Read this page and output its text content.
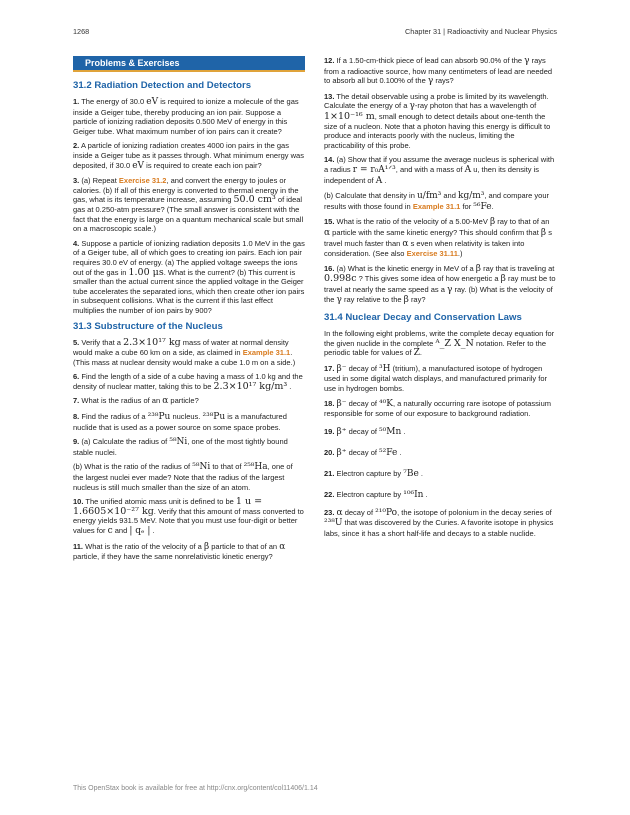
1268	Chapter 31 | Radioactivity and Nuclear Physics
Problems & Exercises
31.2 Radiation Detection and Detectors

1. The energy of 30.0 eV is required to ionize a molecule of the gas inside a Geiger tube, thereby producing an ion pair. Suppose a particle of ionizing radiation deposits 0.500 MeV of energy in this Geiger tube. What maximum number of ion pairs can it create?

2. A particle of ionizing radiation creates 4000 ion pairs in the gas inside a Geiger tube as it passes through. What minimum energy was deposited, if 30.0 eV is required to create each ion pair?

3. (a) Repeat Exercise 31.2, and convert the energy to joules or calories. (b) If all of this energy is converted to thermal energy in the gas, what is its temperature increase, assuming 50.0 cm³ of ideal gas at 0.250-atm pressure? (The small answer is consistent with the fact that the energy is large on a quantum mechanical scale but small on a macroscopic scale.)

4. Suppose a particle of ionizing radiation deposits 1.0 MeV in the gas of a Geiger tube, all of which goes to creating ion pairs. Each ion pair requires 30.0 eV of energy. (a) The applied voltage sweeps the ions out of the gas in 1.00 μs. What is the current? (b) This current is smaller than the actual current since the applied voltage in the Geiger tube accelerates the separated ions, which then create other ion pairs in subsequent collisions. What is the current if this last effect multiplies the number of ion pairs by 900?

31.3 Substructure of the Nucleus

5. Verify that a 2.3×10¹⁷ kg mass of water at normal density would make a cube 60 km on a side, as claimed in Example 31.1. (This mass at nuclear density would make a cube 1.0 m on a side.)

6. Find the length of a side of a cube having a mass of 1.0 kg and the density of nuclear matter, taking this to be 2.3×10¹⁷ kg/m³ .

7. What is the radius of an α particle?

8. Find the radius of a ²³⁸Pu nucleus. ²³⁸Pu is a manufactured nuclide that is used as a power source on some space probes.

9. (a) Calculate the radius of ⁵⁸Ni, one of the most tightly bound stable nuclei.

(b) What is the ratio of the radius of ⁵⁸Ni to that of ²⁵⁸Ha, one of the largest nuclei ever made? Note that the radius of the largest nucleus is still much smaller than the size of an atom.

10. The unified atomic mass unit is defined to be 1 u = 1.6605×10⁻²⁷ kg. Verify that this amount of mass converted to energy yields 931.5 MeV. Note that you must use four-digit or better values for c and | qₑ | .

11. What is the ratio of the velocity of a β particle to that of an α particle, if they have the same nonrelativistic kinetic energy?

12. If a 1.50-cm-thick piece of lead can absorb 90.0% of the γ rays from a radioactive source, how many centimeters of lead are needed to absorb all but 0.100% of the γ rays?

13. The detail observable using a probe is limited by its wavelength. Calculate the energy of a γ-ray photon that has a wavelength of 1×10⁻¹⁶ m, small enough to detect details about one-tenth the size of a nucleon. Note that a photon having this energy is difficult to produce and interacts poorly with the nucleus, limiting the practicability of this probe.

14. (a) Show that if you assume the average nucleus is spherical with a radius r = r₀A¹ᐟ³, and with a mass of A u, then its density is independent of A .

(b) Calculate that density in u/fm³ and kg/m³, and compare your results with those found in Example 31.1 for ⁵⁶Fe.

15. What is the ratio of the velocity of a 5.00-MeV β ray to that of an α particle with the same kinetic energy? This should confirm that β s travel much faster than α s even when relativity is taken into consideration. (See also Exercise 31.11.)

16. (a) What is the kinetic energy in MeV of a β ray that is traveling at 0.998c ? This gives some idea of how energetic a β ray must be to travel at nearly the same speed as a γ ray. (b) What is the velocity of the γ ray relative to the β ray?

31.4 Nuclear Decay and Conservation Laws

In the following eight problems, write the complete decay equation for the given nuclide in the complete ᴬ_Z X_N notation. Refer to the periodic table for values of Z.

17. β⁻ decay of ³H (tritium), a manufactured isotope of hydrogen used in some digital watch displays, and manufactured primarily for use in hydrogen bombs.

18. β⁻ decay of ⁴⁰K, a naturally occurring rare isotope of potassium responsible for some of our exposure to background radiation.

19. β⁺ decay of ⁵⁰Mn .

20. β⁺ decay of ⁵²Fe .

21. Electron capture by ⁷Be .

22. Electron capture by ¹⁰⁶In .

23. α decay of ²¹⁰Po, the isotope of polonium in the decay series of ²³⁸U that was discovered by the Curies. A favorite isotope in physics labs, since it has a short half-life and decays to a stable nuclide.

This OpenStax book is available for free at http://cnx.org/content/col11406/1.14
